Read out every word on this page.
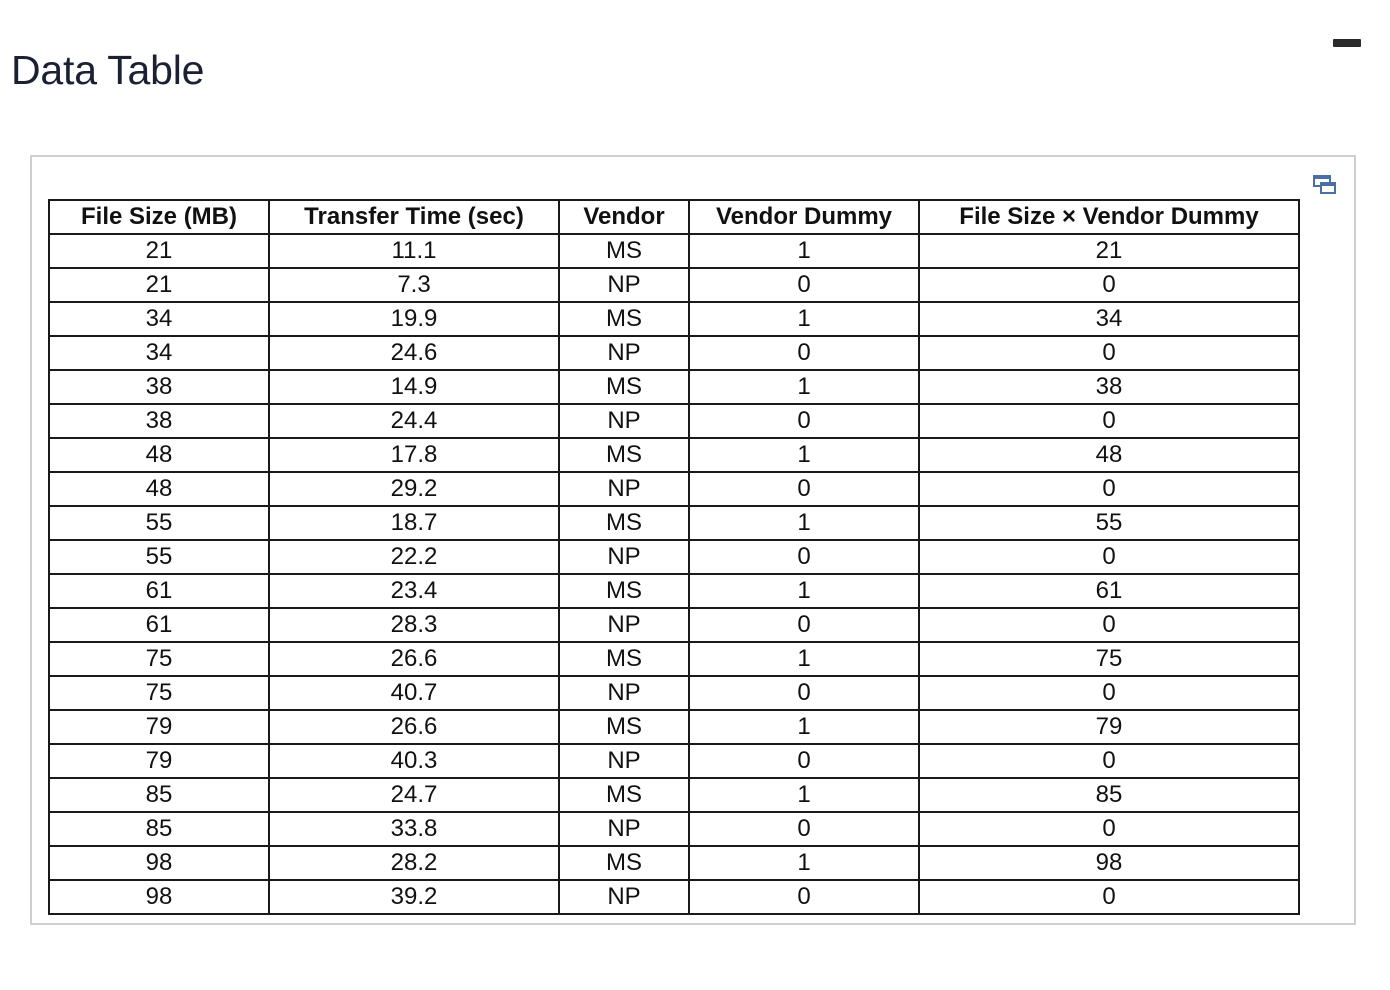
Data Table
File Size (MB)	Transfer Time (sec)	Vendor	Vendor Dummy	File Size × Vendor Dummy
21	11.1	MS	1	21
21	7.3	NP	0	0
34	19.9	MS	1	34
34	24.6	NP	0	0
38	14.9	MS	1	38
38	24.4	NP	0	0
48	17.8	MS	1	48
48	29.2	NP	0	0
55	18.7	MS	1	55
55	22.2	NP	0	0
61	23.4	MS	1	61
61	28.3	NP	0	0
75	26.6	MS	1	75
75	40.7	NP	0	0
79	26.6	MS	1	79
79	40.3	NP	0	0
85	24.7	MS	1	85
85	33.8	NP	0	0
98	28.2	MS	1	98
98	39.2	NP	0	0
